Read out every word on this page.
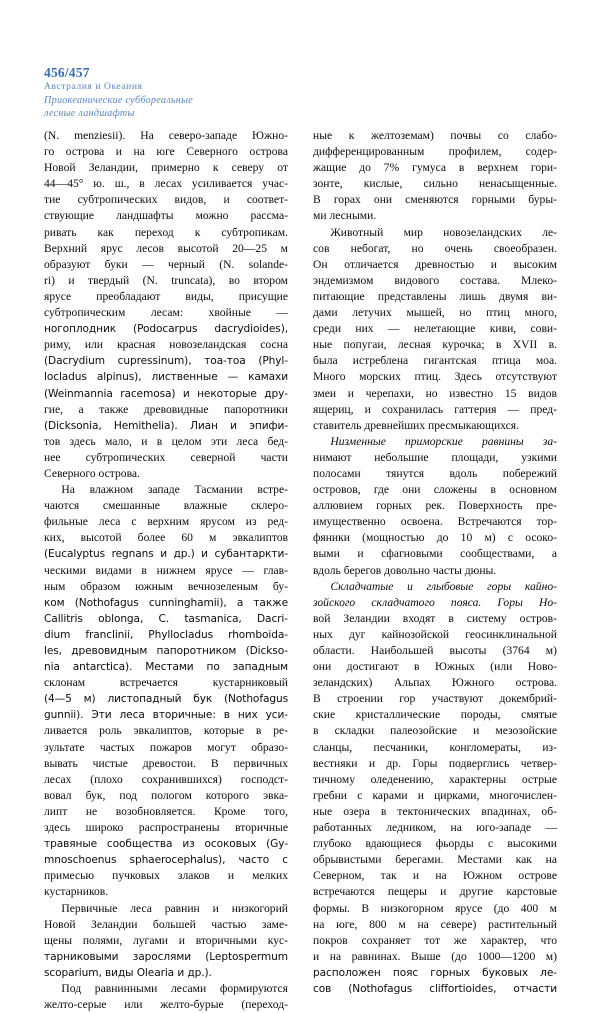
456/457
Австралия и Океания
Приокеанические суббореальные
лесные ландшафты

(N. menziesii). На северо-западе Южно-
го острова и на юге Северного острова
Новой Зеландии, примерно к северу от
44—45° ю. ш., в лесах усиливается учас-
тие субтропических видов, и соответ-
ствующие ландшафты можно рассма-
ривать как переход к субтропикам.
Верхний ярус лесов высотой 20—25 м
образуют буки — черный (N. solande-
ri) и твердый (N. truncata), во втором
ярусе преобладают виды, присущие
субтропическим лесам: хвойные —
ногоплодник (Podocarpus dacrydioides),
риму, или красная новозеландская сосна
(Dacrydium cupressinum), тоа-тоа (Phyl-
locladus alpinus), лиственные — камахи
(Weinmannia racemosa) и некоторые дру-
гие, а также древовидные папоротники
(Dicksonia, Hemithelia). Лиан и эпифи-
тов здесь мало, и в целом эти леса бед-
нее субтропических северной части
Северного острова.

На влажном западе Тасмании встре-
чаются смешанные влажные склеро-
фильные леса с верхним ярусом из ред-
ких, высотой более 60 м эвкалиптов
(Eucalyptus regnans и др.) и субантаркти-
ческими видами в нижнем ярусе — глав-
ным образом южным вечнозеленым бу-
ком (Nothofagus cunninghamii), а также
Callitris oblonga, C. tasmanica, Dacri-
dium franclinii, Phyllocladus rhomboida-
les, древовидным папоротником (Dickso-
nia antarctica). Местами по западным
склонам встречается кустарниковый
(4—5 м) листопадный бук (Nothofagus
gunnii). Эти леса вторичные: в них уси-
ливается роль эвкалиптов, которые в ре-
зультате частых пожаров могут образо-
вывать чистые древостои. В первичных
лесах (плохо сохранившихся) господст-
вовал бук, под пологом которого эвка-
липт не возобновляется. Кроме того,
здесь широко распространены вторичные
травяные сообщества из осоковых (Gy-
mnoschoenus sphaerocephalus), часто с
примесью пучковых злаков и мелких
кустарников.

Первичные леса равнин и низкогорий
Новой Зеландии большей частью заме-
щены полями, лугами и вторичными кус-
тарниковыми зарослями (Leptospermum
scoparium, виды Olearia и др.).

Под равнинными лесами формируются
желто-серые или желто-бурые (переход-

ные к желтоземам) почвы со слабо-
дифференцированным профилем, содер-
жащие до 7% гумуса в верхнем гори-
зонте, кислые, сильно ненасыщенные.
В горах они сменяются горными буры-
ми лесными.

Животный мир новозеландских ле-
сов небогат, но очень своеобразен.
Он отличается древностью и высоким
эндемизмом видового состава. Млеко-
питающие представлены лишь двумя ви-
дами летучих мышей, но птиц много,
среди них — нелетающие киви, сови-
ные попугаи, лесная курочка; в XVII в.
была истреблена гигантская птица моа.
Много морских птиц. Здесь отсутствуют
змеи и черепахи, но известно 15 видов
ящериц, и сохранилась гаттерия — пред-
ставитель древнейших пресмыкающихся.

Низменные приморские равнины за-
нимают небольшие площади, узкими
полосами тянутся вдоль побережий
островов, где они сложены в основном
аллювием горных рек. Поверхность пре-
имущественно освоена. Встречаются тор-
фяники (мощностью до 10 м) с осоко-
выми и сфагновыми сообществами, а
вдоль берегов довольно часты дюны.

Складчатые и глыбовые горы кайно-
зойского складчатого пояса. Горы Но-
вой Зеландии входят в систему остров-
ных дуг кайнозойской геосинклинальной
области. Наибольшей высоты (3764 м)
они достигают в Южных (или Ново-
зеландских) Альпах Южного острова.
В строении гор участвуют докембрий-
ские кристаллические породы, смятые
в складки палеозойские и мезозойские
сланцы, песчаники, конгломераты, из-
вестняки и др. Горы подверглись четвер-
тичному оледенению, характерны острые
гребни с карами и цирками, многочислен-
ные озера в тектонических впадинах, об-
работанных ледником, на юго-западе —
глубоко вдающиеся фьорды с высокими
обрывистыми берегами. Местами как на
Северном, так и на Южном острове
встречаются пещеры и другие карстовые
формы. В низкогорном ярусе (до 400 м
на юге, 800 м на севере) растительный
покров сохраняет тот же характер, что
и на равнинах. Выше (до 1000—1200 м)
расположен пояс горных буковых ле-
сов (Nothofagus cliffortioides, отчасти
